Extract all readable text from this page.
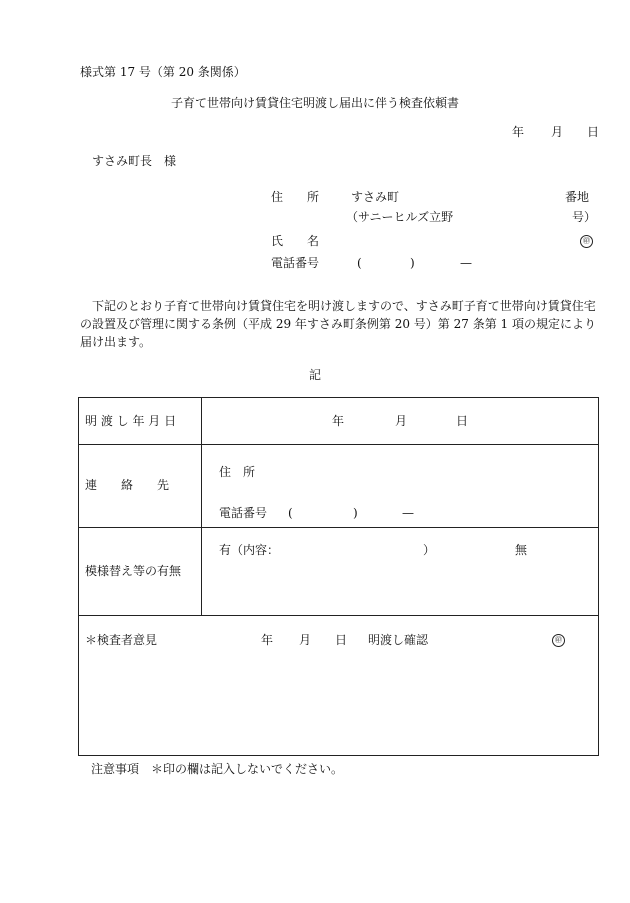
様式第 17 号（第 20 条関係）
子育て世帯向け賃貸住宅明渡し届出に伴う検査依頼書
年 月 日
すさみ町長　様
住　　所	すさみ町	番地
（サニーヒルズ立野	号）
氏　　名	㊞
電話番号	(	)	—
下記のとおり子育て世帯向け賃貸住宅を明け渡しますので、すさみ町子育て世帯向け賃貸住宅の設置及び管理に関する条例（平成 29 年すさみ町条例第 20 号）第 27 条第 1 項の規定により届け出ます。
記
明 渡 し 年 月 日	年	月	日
連　　絡　　先
住　所
電話番号 (	)	—
模様替え等の有無
有（内容：	）	無
＊検査者意見	年 月 日 明渡し確認	㊞
注意事項　＊印の欄は記入しないでください。
